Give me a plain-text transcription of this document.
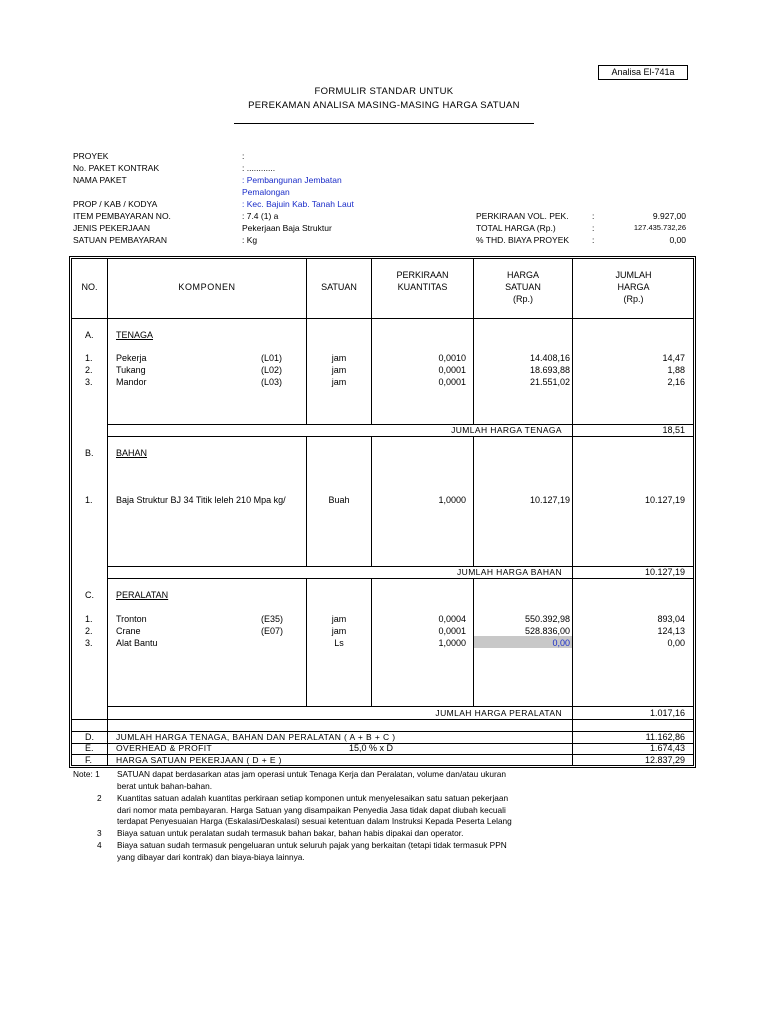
Analisa El-741a
FORMULIR STANDAR UNTUK
PEREKAMAN ANALISA MASING-MASING HARGA SATUAN
PROYEK	:
No. PAKET KONTRAK	: ............
NAMA PAKET	: Pembangunan Jembatan
Pemalongan
PROP / KAB / KODYA	: Kec. Bajuin Kab. Tanah Laut
ITEM PEMBAYARAN NO.	: 7.4 (1) a
JENIS PEKERJAAN	Pekerjaan Baja Struktur
SATUAN PEMBAYARAN	: Kg
PERKIRAAN VOL. PEK.	:	9.927,00
TOTAL HARGA (Rp.)	:	127.435.732,26
% THD. BIAYA PROYEK	:	0,00
NO.	KOMPONEN	SATUAN
PERKIRAAN
KUANTITAS
HARGA
SATUAN
(Rp.)
JUMLAH
HARGA
(Rp.)
A. TENAGA
1.	Pekerja	(L01)	jam	0,0010	14.408,16	14,47
2.	Tukang	(L02)	jam	0,0001	18.693,88	1,88
3.	Mandor	(L03)	jam	0,0001	21.551,02	2,16
JUMLAH HARGA TENAGA	18,51
B. BAHAN
1.	Baja Struktur BJ 34 Titik leleh 210 Mpa kg/	Buah	1,0000	10.127,19	10.127,19
JUMLAH HARGA BAHAN	10.127,19
C. PERALATAN
1.	Tronton	(E35)	jam	0,0004	550.392,98	893,04
2.	Crane	(E07)	jam	0,0001	528.836,00	124,13
3.	Alat Bantu	Ls	1,0000	0,00	0,00
JUMLAH HARGA PERALATAN	1.017,16
D.	JUMLAH HARGA TENAGA, BAHAN DAN PERALATAN ( A + B + C )	11.162,86
E.	OVERHEAD & PROFIT	15,0 % x D	1.674,43
F.	HARGA SATUAN PEKERJAAN ( D + E )	12.837,29
Note: 1 SATUAN dapat berdasarkan atas jam operasi untuk Tenaga Kerja dan Peralatan, volume dan/atau ukuran
berat untuk bahan-bahan.
2 Kuantitas satuan adalah kuantitas perkiraan setiap komponen untuk menyelesaikan satu satuan pekerjaan
dari nomor mata pembayaran. Harga Satuan yang disampaikan Penyedia Jasa tidak dapat diubah kecuali
terdapat Penyesuaian Harga (Eskalasi/Deskalasi) sesuai ketentuan dalam Instruksi Kepada Peserta Lelang
3 Biaya satuan untuk peralatan sudah termasuk bahan bakar, bahan habis dipakai dan operator.
4 Biaya satuan sudah termasuk pengeluaran untuk seluruh pajak yang berkaitan (tetapi tidak termasuk PPN
yang dibayar dari kontrak) dan biaya-biaya lainnya.
